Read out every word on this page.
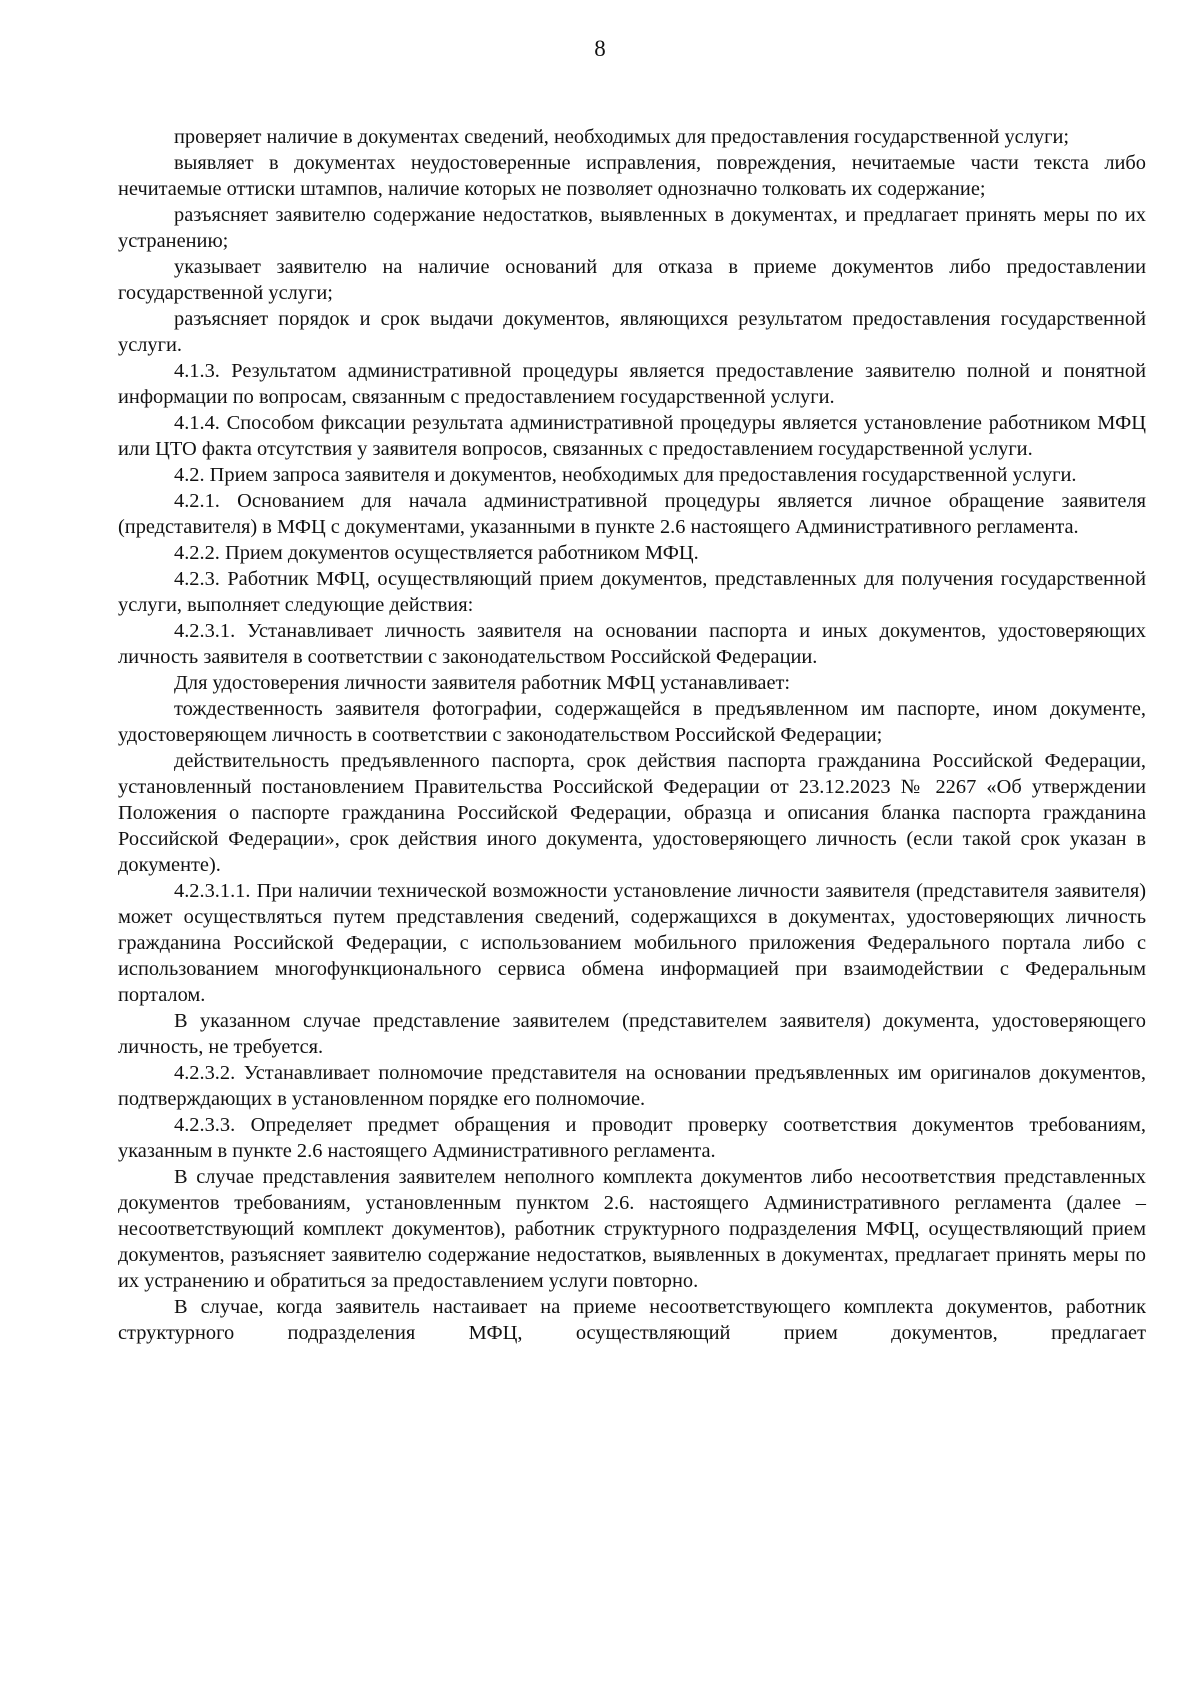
8

проверяет наличие в документах сведений, необходимых для предоставления государственной услуги;

выявляет в документах неудостоверенные исправления, повреждения, нечитаемые части текста либо нечитаемые оттиски штампов, наличие которых не позволяет однозначно толковать их содержание;

разъясняет заявителю содержание недостатков, выявленных в документах, и предлагает принять меры по их устранению;

указывает заявителю на наличие оснований для отказа в приеме документов либо предоставлении государственной услуги;

разъясняет порядок и срок выдачи документов, являющихся результатом предоставления государственной услуги.

4.1.3. Результатом административной процедуры является предоставление заявителю полной и понятной информации по вопросам, связанным с предоставлением государственной услуги.

4.1.4. Способом фиксации результата административной процедуры является установление работником МФЦ или ЦТО факта отсутствия у заявителя вопросов, связанных с предоставлением государственной услуги.

4.2. Прием запроса заявителя и документов, необходимых для предоставления государственной услуги.

4.2.1. Основанием для начала административной процедуры является личное обращение заявителя (представителя) в МФЦ с документами, указанными в пункте 2.6 настоящего Административного регламента.

4.2.2. Прием документов осуществляется работником МФЦ.

4.2.3. Работник МФЦ, осуществляющий прием документов, представленных для получения государственной услуги, выполняет следующие действия:

4.2.3.1. Устанавливает личность заявителя на основании паспорта и иных документов, удостоверяющих личность заявителя в соответствии с законодательством Российской Федерации.

Для удостоверения личности заявителя работник МФЦ устанавливает:

тождественность заявителя фотографии, содержащейся в предъявленном им паспорте, ином документе, удостоверяющем личность в соответствии с законодательством Российской Федерации;

действительность предъявленного паспорта, срок действия паспорта гражданина Российской Федерации, установленный постановлением Правительства Российской Федерации от 23.12.2023 № 2267 «Об утверждении Положения о паспорте гражданина Российской Федерации, образца и описания бланка паспорта гражданина Российской Федерации», срок действия иного документа, удостоверяющего личность (если такой срок указан в документе).

4.2.3.1.1. При наличии технической возможности установление личности заявителя (представителя заявителя) может осуществляться путем представления сведений, содержащихся в документах, удостоверяющих личность гражданина Российской Федерации, с использованием мобильного приложения Федерального портала либо с использованием многофункционального сервиса обмена информацией при взаимодействии с Федеральным порталом.

В указанном случае представление заявителем (представителем заявителя) документа, удостоверяющего личность, не требуется.

4.2.3.2. Устанавливает полномочие представителя на основании предъявленных им оригиналов документов, подтверждающих в установленном порядке его полномочие.

4.2.3.3. Определяет предмет обращения и проводит проверку соответствия документов требованиям, указанным в пункте 2.6 настоящего Административного регламента.

В случае представления заявителем неполного комплекта документов либо несоответствия представленных документов требованиям, установленным пунктом 2.6. настоящего Административного регламента (далее – несоответствующий комплект документов), работник структурного подразделения МФЦ, осуществляющий прием документов, разъясняет заявителю содержание недостатков, выявленных в документах, предлагает принять меры по их устранению и обратиться за предоставлением услуги повторно.

В случае, когда заявитель настаивает на приеме несоответствующего комплекта документов, работник структурного подразделения МФЦ, осуществляющий прием документов, предлагает
